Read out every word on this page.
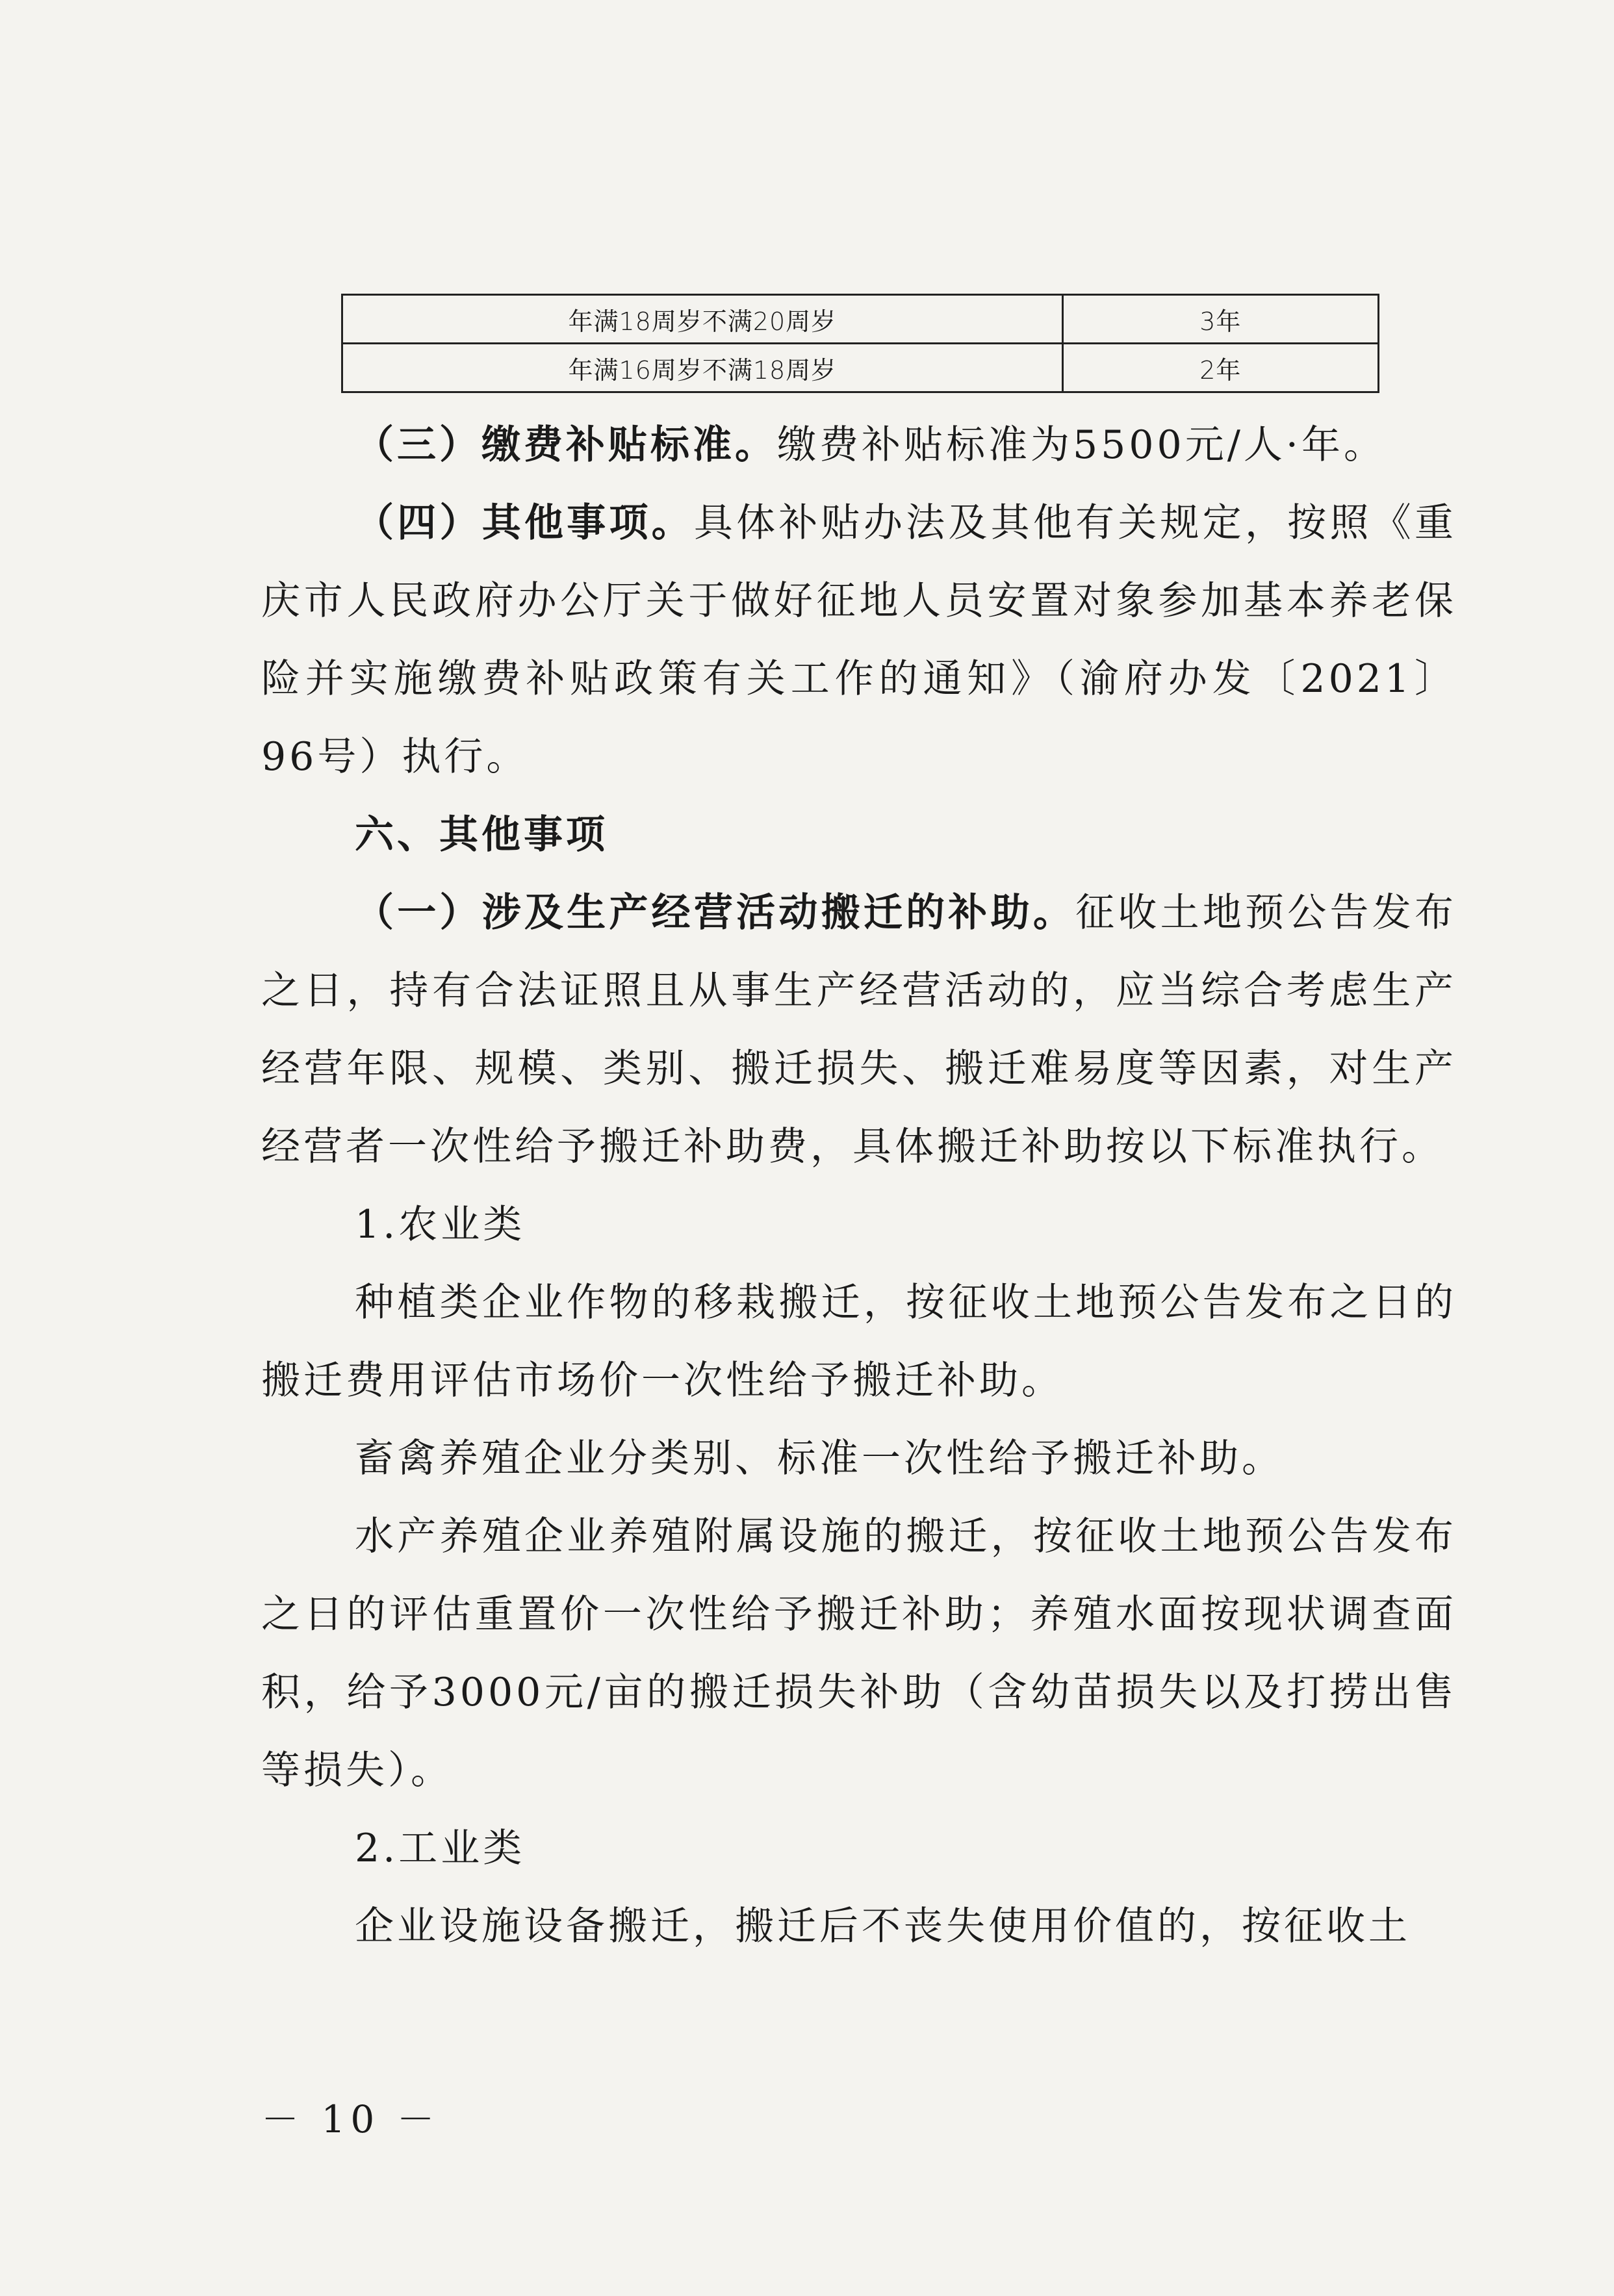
年满18周岁不满20周岁	3年
年满16周岁不满18周岁	2年

（三）缴费补贴标准。缴费补贴标准为5500元/人·年。

（四）其他事项。具体补贴办法及其他有关规定，按照《重庆市人民政府办公厅关于做好征地人员安置对象参加基本养老保险并实施缴费补贴政策有关工作的通知》（渝府办发〔2021〕96号）执行。

六、其他事项

（一）涉及生产经营活动搬迁的补助。征收土地预公告发布之日，持有合法证照且从事生产经营活动的，应当综合考虑生产经营年限、规模、类别、搬迁损失、搬迁难易度等因素，对生产经营者一次性给予搬迁补助费，具体搬迁补助按以下标准执行。

1.农业类

种植类企业作物的移栽搬迁，按征收土地预公告发布之日的搬迁费用评估市场价一次性给予搬迁补助。

畜禽养殖企业分类别、标准一次性给予搬迁补助。

水产养殖企业养殖附属设施的搬迁，按征收土地预公告发布之日的评估重置价一次性给予搬迁补助；养殖水面按现状调查面积，给予3000元/亩的搬迁损失补助（含幼苗损失以及打捞出售等损失）。

2.工业类

企业设施设备搬迁，搬迁后不丧失使用价值的，按征收土

－ 10 －
